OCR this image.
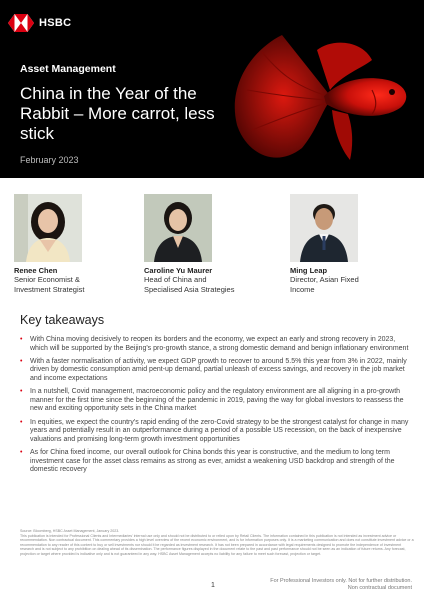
HSBC
Asset Management
China in the Year of the Rabbit – More carrot, less stick
February 2023
Renee Chen
Senior Economist & Investment Strategist
Caroline Yu Maurer
Head of China and Specialised Asia Strategies
Ming Leap
Director, Asian Fixed Income
Key takeaways
•	With China moving decisively to reopen its borders and the economy, we expect an early and strong recovery in 2023, which will be supported by the Beijing's pro-growth stance, a strong domestic demand and benign inflationary environment
•	With a faster normalisation of activity, we expect GDP growth to recover to around 5.5% this year from 3% in 2022, mainly driven by domestic consumption amid pent-up demand, partial unleash of excess savings, and recovery in the job market and income expectations
•	In a nutshell, Covid management, macroeconomic policy and the regulatory environment are all aligning in a pro-growth manner for the first time since the beginning of the pandemic in 2019, paving the way for global investors to reassess the new and exciting opportunity sets in the China market
•	In equities, we expect the country's rapid ending of the zero-Covid strategy to be the strongest catalyst for change in many years and potentially result in an outperformance during a period of a possible US recession, on the back of inexpensive valuations and promising long-term growth investment opportunities
•	As for China fixed income, our overall outlook for China bonds this year is constructive, and the medium to long term investment case for the asset class remains as strong as ever, amidst a weakening USD backdrop and strength of the domestic recovery
Source: Bloomberg, HSBC Asset Management, January 2023.
This publication is intended for Professional Clients and Intermediaries' internal use only and should not be distributed to or relied upon by Retail Clients. The information contained in this publication is not intended as investment advice or recommendation. Non contractual document. This commentary provides a high level overview of the recent economic environment, and is for information purposes only. It is a marketing communication and does not constitute investment advice or a recommendation to any reader of this content to buy or sell investments nor should it be regarded as investment research. It has not been prepared in accordance with legal requirements designed to promote the independence of investment research and is not subject to any prohibition on dealing ahead of its dissemination. The performance figures displayed in the document relate to the past and past performance should not be seen as an indication of future returns. Any forecast, projection or target where provided is indicative only and is not guaranteed in any way. HSBC Asset Management accepts no liability for any failure to meet such forecast, projection or target.
1
For Professional Investors only. Not for further distribution.
Non contractual document
